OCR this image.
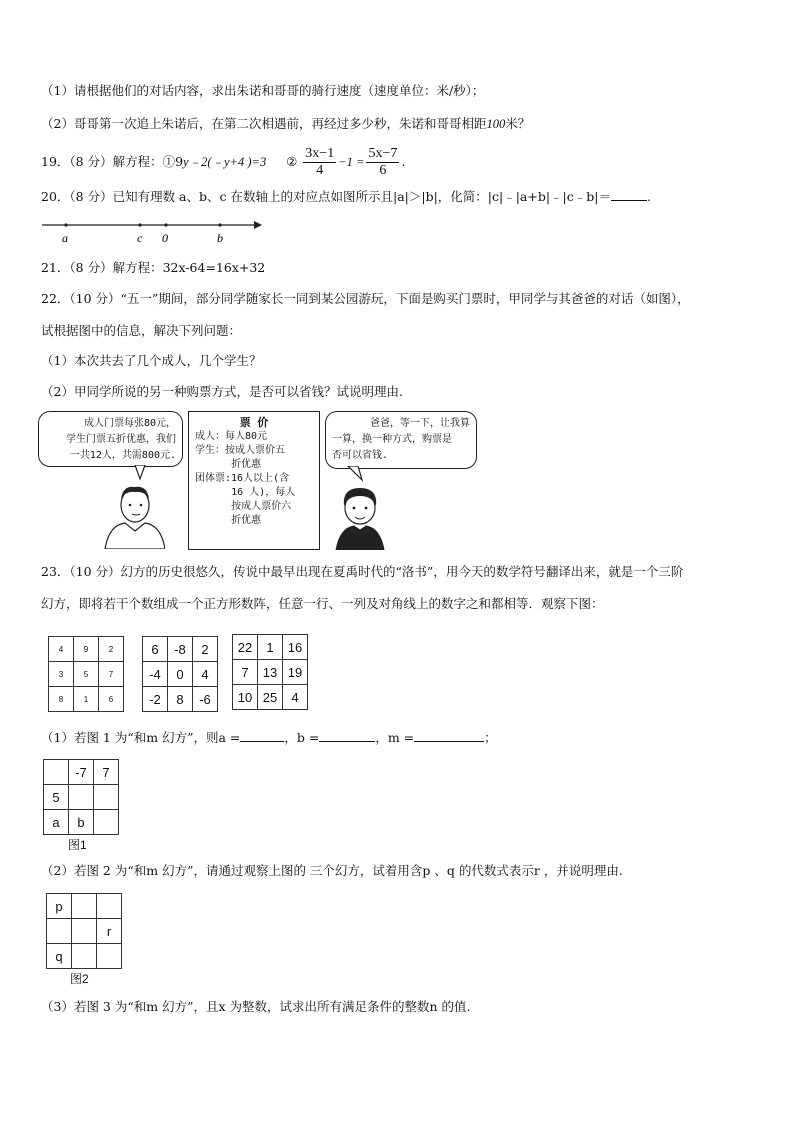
（1）请根据他们的对话内容，求出朱诺和哥哥的骑行速度（速度单位：米/秒）；
（2）哥哥第一次追上朱诺后，在第二次相遇前，再经过多少秒，朱诺和哥哥相距100米？
19．（8 分）解方程：①9y﹣2(﹣y+4 )=3 ② $\frac{3x-1}{4} -1 = \frac{5x-7}{6}$ .
20．（8 分）已知有理数 a、b、c 在数轴上的对应点如图所示且|a|＞|b|，化简：|c|﹣|a+b|﹣|c﹣b|＝	.
a	c 0	b
21．（8 分）解方程：32x-64=16x+32
22．（10 分）“五一”期间，部分同学随家长一同到某公园游玩，下面是购买门票时，甲同学与其爸爸的对话（如图），
试根据图中的信息，解决下列问题：
（1）本次共去了几个成人，几个学生？
（2）甲同学所说的另一种购票方式，是否可以省钱？试说明理由.
成人门票每张80元，
学生门票五折优惠，我们
一共12人，共需800元.
票 价
成人：每人80元
学生：按成人票价五
折优惠
团体票:16人以上(含
16 人)，每人
按成人票价六
折优惠
爸爸，等一下，让我算
一算，换一种方式，购票是
否可以省钱.
23．（10 分）幻方的历史很悠久，传说中最早出现在夏禹时代的“洛书”，用今天的数学符号翻译出来，就是一个三阶
幻方，即将若干个数组成一个正方形数阵，任意一行、一列及对角线上的数字之和都相等．观察下图：
4	9	2
3	5	7
8	1	6
6	-8	2
-4	0	4
-2	8	-6
22	1	16
7	13	19
10	25	4
（1）若图 1 为“和m 幻方”，则a =	，b =	，m =	；
	-7	7
5		
a	b	
图1
（2）若图 2 为“和m 幻方”，请通过观察上图的 三个幻方，试着用含p 、q 的代数式表示r ，并说明理由.
p		
		r
q		
图2
（3）若图 3 为“和m 幻方”，且x 为整数，试求出所有满足条件的整数n 的值.
